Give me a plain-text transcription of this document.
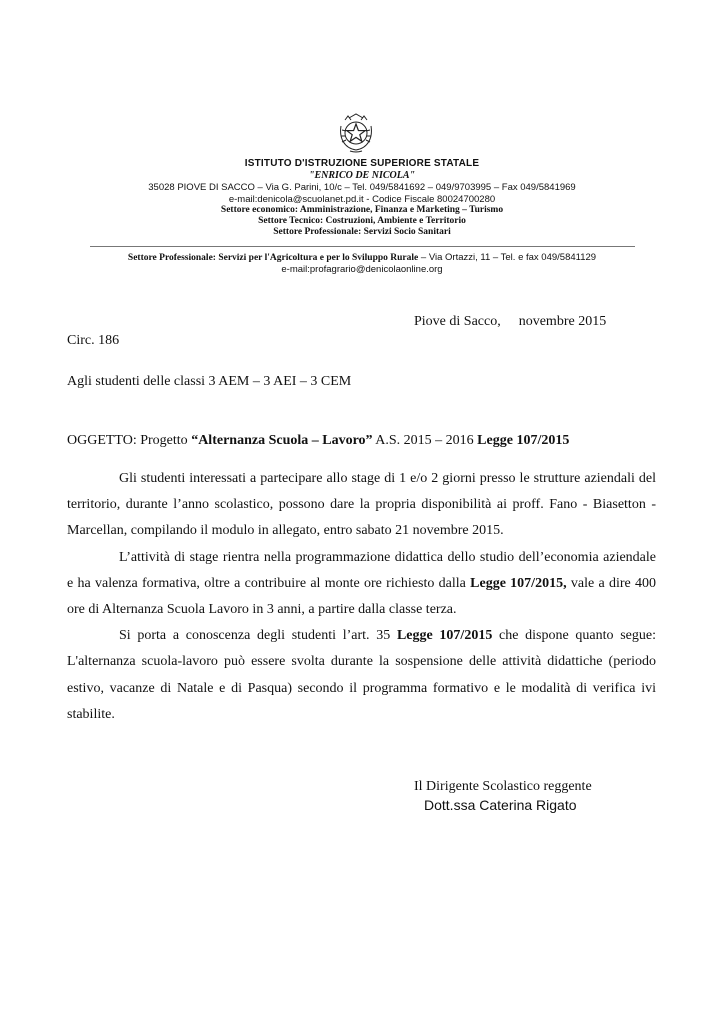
ISTITUTO D'ISTRUZIONE SUPERIORE STATALE
"ENRICO DE NICOLA"
35028 PIOVE DI SACCO – Via G. Parini, 10/c – Tel. 049/5841692 – 049/9703995 – Fax 049/5841969
e-mail:denicola@scuolanet.pd.it - Codice Fiscale 80024700280
Settore economico: Amministrazione, Finanza e Marketing – Turismo
Settore Tecnico: Costruzioni, Ambiente e Territorio
Settore Professionale: Servizi Socio Sanitari
Settore Professionale: Servizi per l'Agricoltura e per lo Sviluppo Rurale – Via Ortazzi, 11 – Tel. e fax 049/5841129
e-mail:profagrario@denicolaonline.org
Piove di Sacco, novembre 2015
Circ. 186
Agli studenti delle classi 3 AEM – 3 AEI – 3 CEM
OGGETTO: Progetto “Alternanza Scuola – Lavoro” A.S. 2015 – 2016 Legge 107/2015

Gli studenti interessati a partecipare allo stage di 1 e/o 2 giorni presso le strutture aziendali del territorio, durante l’anno scolastico, possono dare la propria disponibilità ai proff. Fano - Biasetton - Marcellan, compilando il modulo in allegato, entro sabato 21 novembre 2015.

L’attività di stage rientra nella programmazione didattica dello studio dell’economia aziendale e ha valenza formativa, oltre a contribuire al monte ore richiesto dalla Legge 107/2015, vale a dire 400 ore di Alternanza Scuola Lavoro in 3 anni, a partire dalla classe terza.

Si porta a conoscenza degli studenti l’art. 35 Legge 107/2015 che dispone quanto segue: L'alternanza scuola-lavoro può essere svolta durante la sospensione delle attività didattiche (periodo estivo, vacanze di Natale e di Pasqua) secondo il programma formativo e le modalità di verifica ivi stabilite.

Il Dirigente Scolastico reggente
Dott.ssa Caterina Rigato
